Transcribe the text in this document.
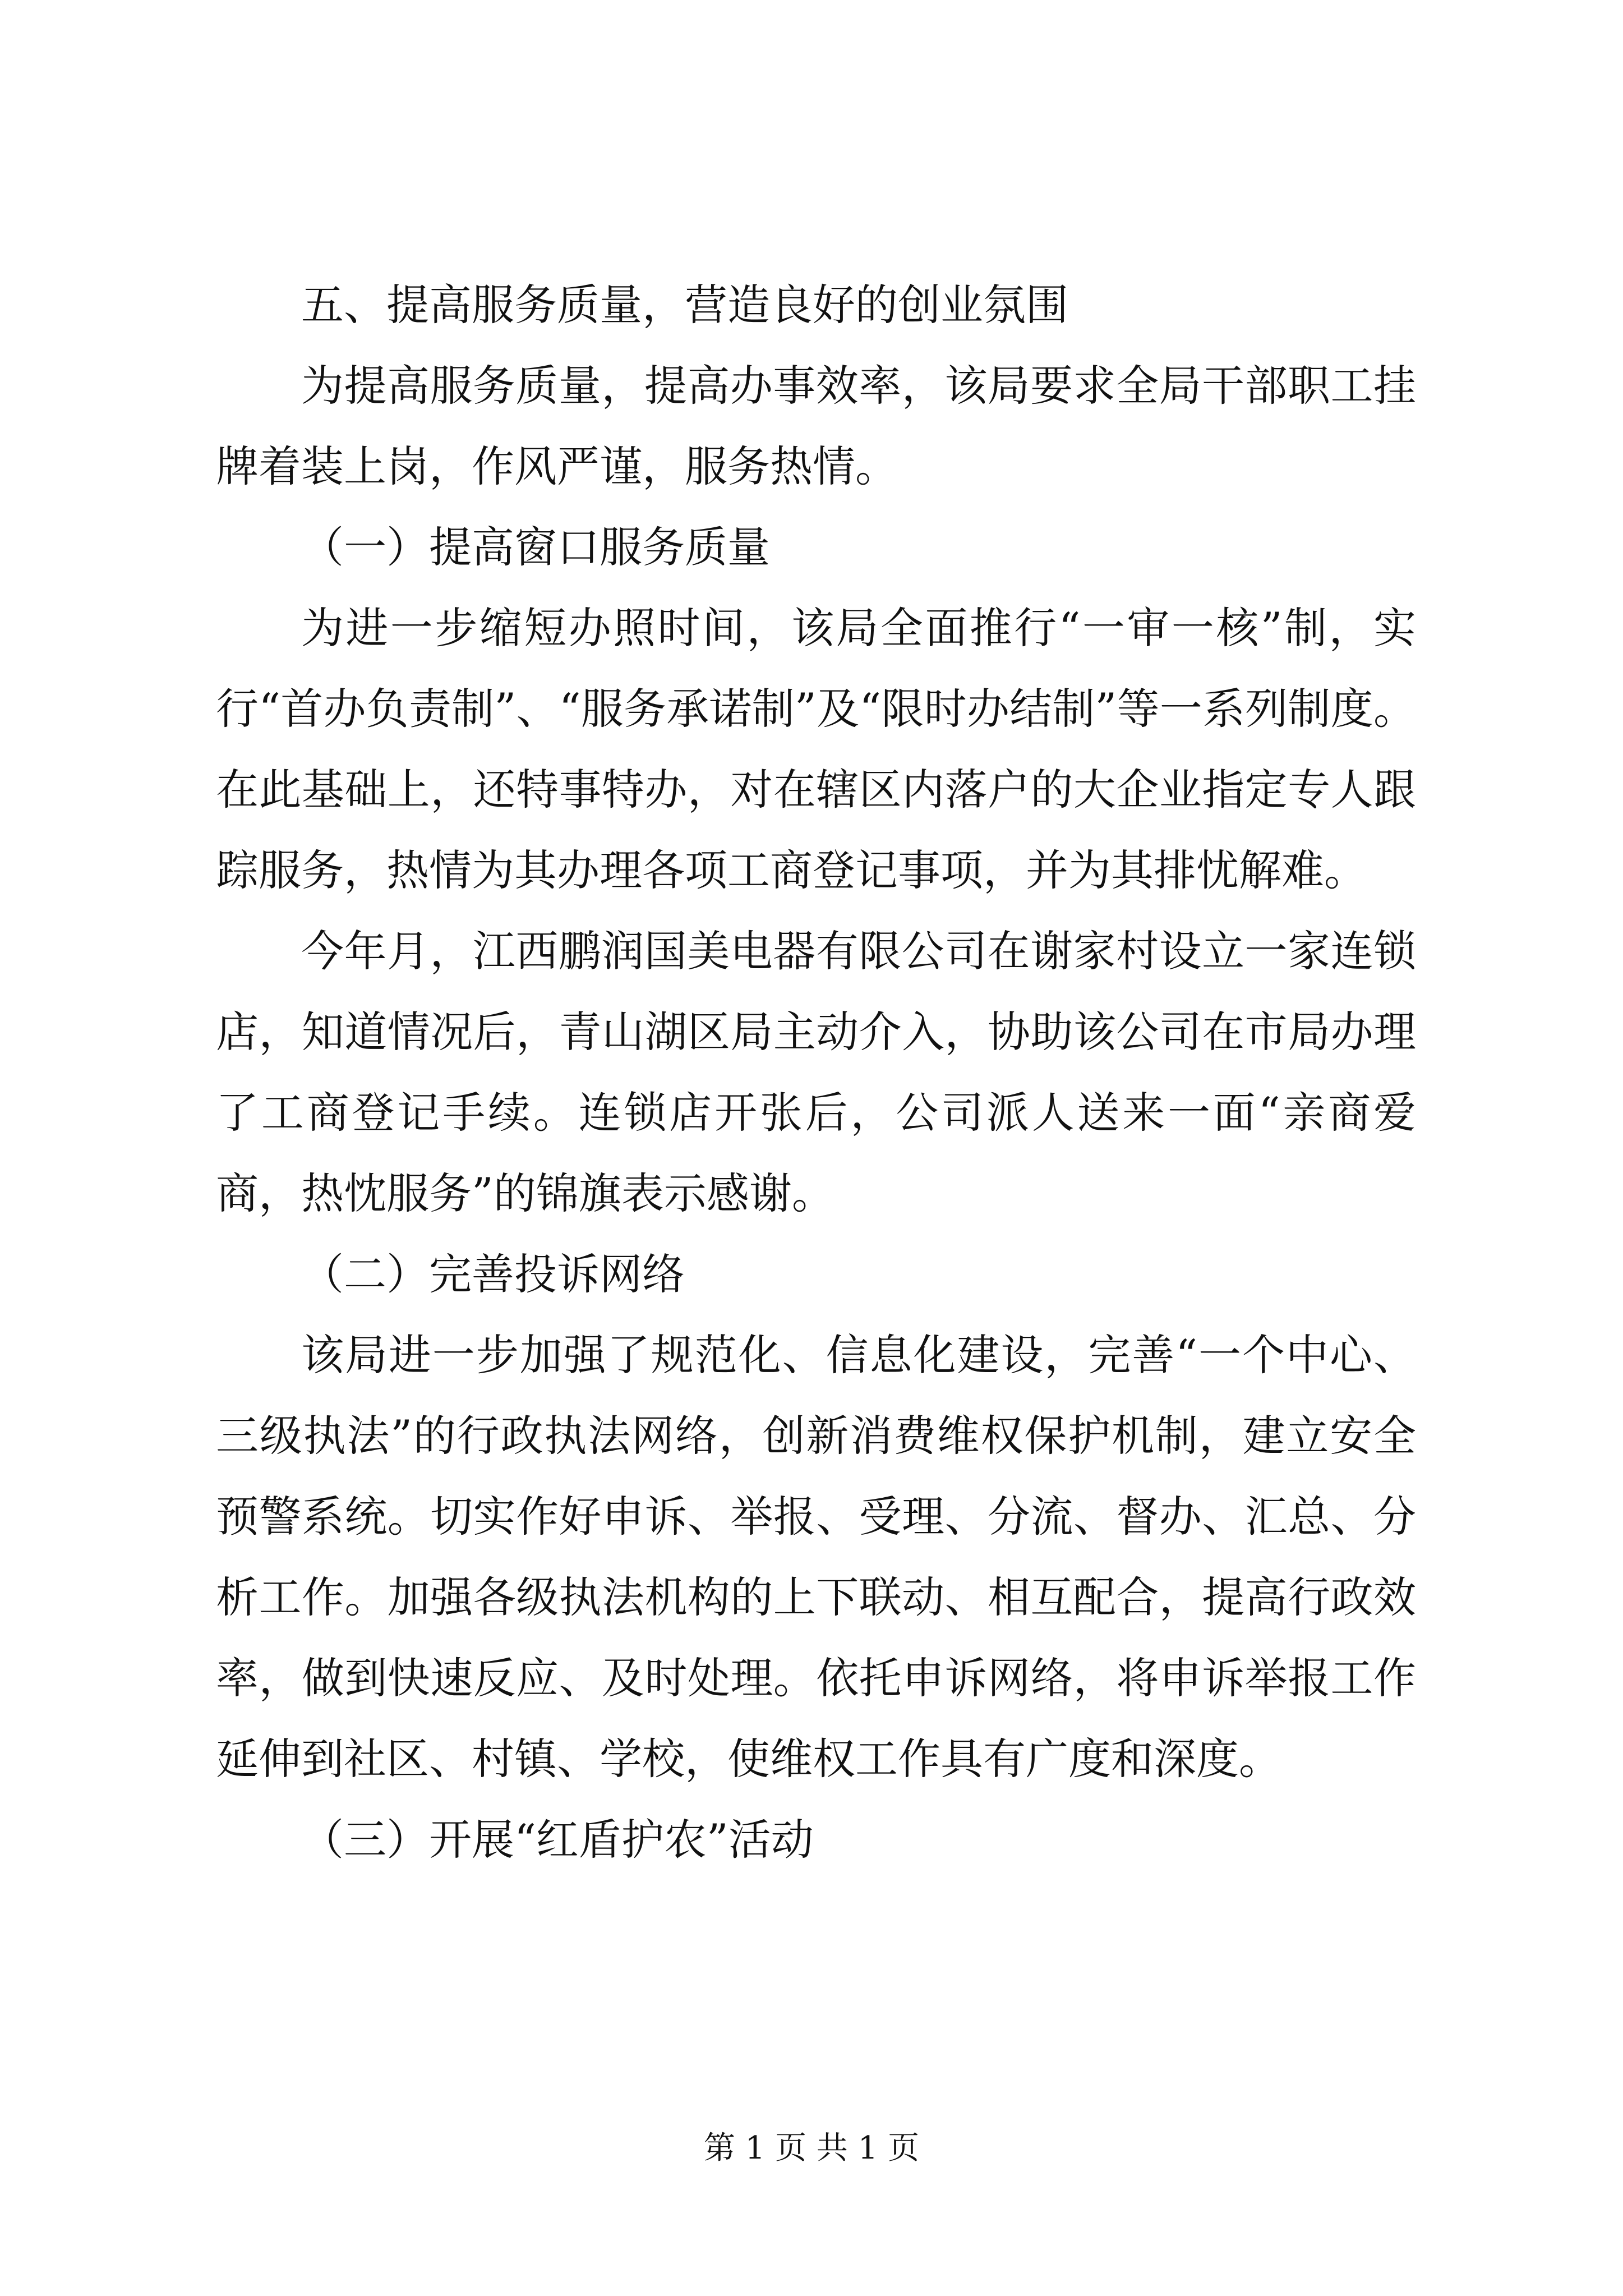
五、提高服务质量，营造良好的创业氛围

为提高服务质量，提高办事效率，该局要求全局干部职工挂牌着装上岗，作风严谨，服务热情。

（一）提高窗口服务质量

为进一步缩短办照时间，该局全面推行“一审一核”制，实行“首办负责制”、“服务承诺制”及“限时办结制”等一系列制度。在此基础上，还特事特办，对在辖区内落户的大企业指定专人跟踪服务，热情为其办理各项工商登记事项，并为其排忧解难。

今年月，江西鹏润国美电器有限公司在谢家村设立一家连锁店，知道情况后，青山湖区局主动介入，协助该公司在市局办理了工商登记手续。连锁店开张后，公司派人送来一面“亲商爱商，热忱服务”的锦旗表示感谢。

（二）完善投诉网络

该局进一步加强了规范化、信息化建设，完善“一个中心、三级执法”的行政执法网络，创新消费维权保护机制，建立安全预警系统。切实作好申诉、举报、受理、分流、督办、汇总、分析工作。加强各级执法机构的上下联动、相互配合，提高行政效率，做到快速反应、及时处理。依托申诉网络，将申诉举报工作延伸到社区、村镇、学校，使维权工作具有广度和深度。

（三）开展“红盾护农”活动

第 1 页 共 1 页
